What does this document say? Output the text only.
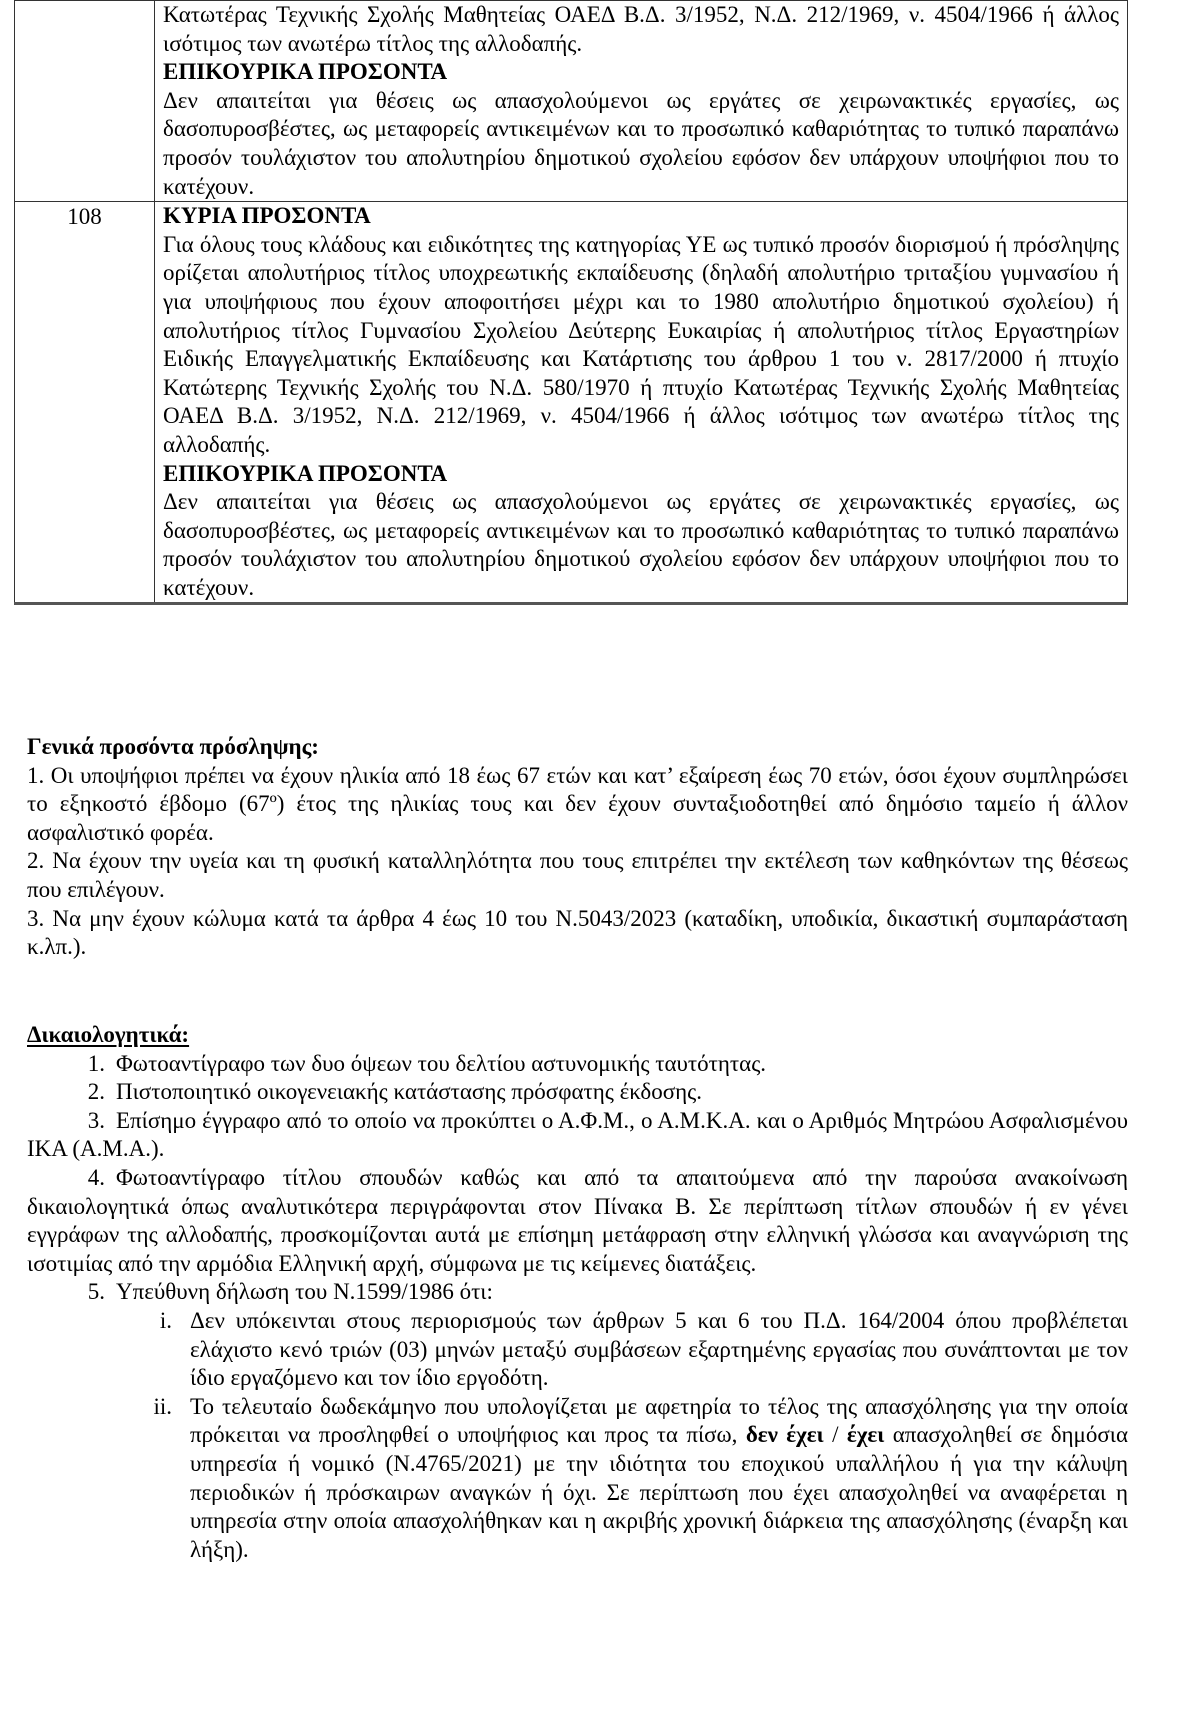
	Κατωτέρας Τεχνικής Σχολής Μαθητείας ΟΑΕΔ Β.Δ. 3/1952, Ν.Δ. 212/1969, ν. 4504/1966 ή άλλος ισότιμος των ανωτέρω τίτλος της αλλοδαπής.
ΕΠΙΚΟΥΡΙΚΑ ΠΡΟΣΟΝΤΑ
Δεν απαιτείται για θέσεις ως απασχολούμενοι ως εργάτες σε χειρωνακτικές εργασίες, ως δασοπυροσβέστες, ως μεταφορείς αντικειμένων και το προσωπικό καθαριότητας το τυπικό παραπάνω προσόν τουλάχιστον του απολυτηρίου δημοτικού σχολείου εφόσον δεν υπάρχουν υποψήφιοι που το κατέχουν.

108	ΚΥΡΙΑ ΠΡΟΣΟΝΤΑ
Για όλους τους κλάδους και ειδικότητες της κατηγορίας ΥΕ ως τυπικό προσόν διορισμού ή πρόσληψης ορίζεται απολυτήριος τίτλος υποχρεωτικής εκπαίδευσης (δηλαδή απολυτήριο τριταξίου γυμνασίου ή για υποψήφιους που έχουν αποφοιτήσει μέχρι και το 1980 απολυτήριο δημοτικού σχολείου) ή απολυτήριος τίτλος Γυμνασίου Σχολείου Δεύτερης Ευκαιρίας ή απολυτήριος τίτλος Εργαστηρίων Ειδικής Επαγγελματικής Εκπαίδευσης και Κατάρτισης του άρθρου 1 του ν. 2817/2000 ή πτυχίο Κατώτερης Τεχνικής Σχολής του Ν.Δ. 580/1970 ή πτυχίο Κατωτέρας Τεχνικής Σχολής Μαθητείας ΟΑΕΔ Β.Δ. 3/1952, Ν.Δ. 212/1969, ν. 4504/1966 ή άλλος ισότιμος των ανωτέρω τίτλος της αλλοδαπής.
ΕΠΙΚΟΥΡΙΚΑ ΠΡΟΣΟΝΤΑ
Δεν απαιτείται για θέσεις ως απασχολούμενοι ως εργάτες σε χειρωνακτικές εργασίες, ως δασοπυροσβέστες, ως μεταφορείς αντικειμένων και το προσωπικό καθαριότητας το τυπικό παραπάνω προσόν τουλάχιστον του απολυτηρίου δημοτικού σχολείου εφόσον δεν υπάρχουν υποψήφιοι που το κατέχουν.
Γενικά προσόντα πρόσληψης:
1. Οι υποψήφιοι πρέπει να έχουν ηλικία από 18 έως 67 ετών και κατ’ εξαίρεση έως 70 ετών, όσοι έχουν συμπληρώσει το εξηκοστό έβδομο (67º) έτος της ηλικίας τους και δεν έχουν συνταξιοδοτηθεί από δημόσιο ταμείο ή άλλον ασφαλιστικό φορέα.
2. Να έχουν την υγεία και τη φυσική καταλληλότητα που τους επιτρέπει την εκτέλεση των καθηκόντων της θέσεως που επιλέγουν.
3. Να μην έχουν κώλυμα κατά τα άρθρα 4 έως 10 του Ν.5043/2023 (καταδίκη, υποδικία, δικαστική συμπαράσταση κ.λπ.).
Δικαιολογητικά:
1. Φωτοαντίγραφο των δυο όψεων του δελτίου αστυνομικής ταυτότητας.
2. Πιστοποιητικό οικογενειακής κατάστασης πρόσφατης έκδοσης.
3. Επίσημο έγγραφο από το οποίο να προκύπτει ο Α.Φ.Μ., ο Α.Μ.Κ.Α. και ο Αριθμός Μητρώου Ασφαλισμένου ΙΚΑ (Α.Μ.Α.).
4. Φωτοαντίγραφο τίτλου σπουδών καθώς και από τα απαιτούμενα από την παρούσα ανακοίνωση δικαιολογητικά όπως αναλυτικότερα περιγράφονται στον Πίνακα Β. Σε περίπτωση τίτλων σπουδών ή εν γένει εγγράφων της αλλοδαπής, προσκομίζονται αυτά με επίσημη μετάφραση στην ελληνική γλώσσα και αναγνώριση της ισοτιμίας από την αρμόδια Ελληνική αρχή, σύμφωνα με τις κείμενες διατάξεις.
5. Υπεύθυνη δήλωση του Ν.1599/1986 ότι:
i. Δεν υπόκεινται στους περιορισμούς των άρθρων 5 και 6 του Π.Δ. 164/2004 όπου προβλέπεται ελάχιστο κενό τριών (03) μηνών μεταξύ συμβάσεων εξαρτημένης εργασίας που συνάπτονται με τον ίδιο εργαζόμενο και τον ίδιο εργοδότη.
ii. Το τελευταίο δωδεκάμηνο που υπολογίζεται με αφετηρία το τέλος της απασχόλησης για την οποία πρόκειται να προσληφθεί ο υποψήφιος και προς τα πίσω, δεν έχει / έχει απασχοληθεί σε δημόσια υπηρεσία ή νομικό (Ν.4765/2021) με την ιδιότητα του εποχικού υπαλλήλου ή για την κάλυψη περιοδικών ή πρόσκαιρων αναγκών ή όχι. Σε περίπτωση που έχει απασχοληθεί να αναφέρεται η υπηρεσία στην οποία απασχολήθηκαν και η ακριβής χρονική διάρκεια της απασχόλησης (έναρξη και λήξη).
